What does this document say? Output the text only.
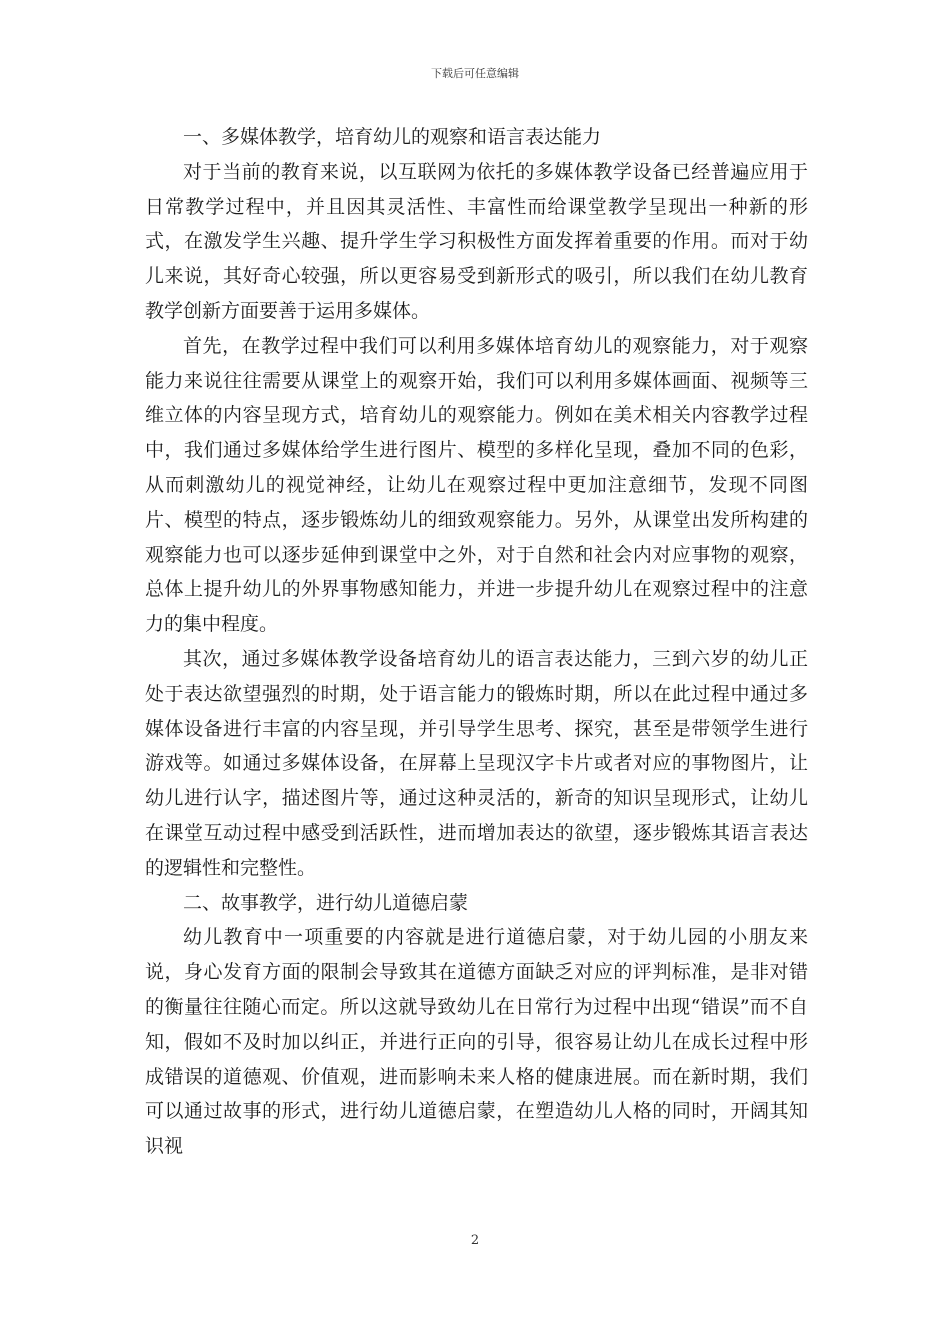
下载后可任意编辑

一、多媒体教学，培育幼儿的观察和语言表达能力

对于当前的教育来说，以互联网为依托的多媒体教学设备已经普遍应用于日常教学过程中，并且因其灵活性、丰富性而给课堂教学呈现出一种新的形式，在激发学生兴趣、提升学生学习积极性方面发挥着重要的作用。而对于幼儿来说，其好奇心较强，所以更容易受到新形式的吸引，所以我们在幼儿教育教学创新方面要善于运用多媒体。

首先，在教学过程中我们可以利用多媒体培育幼儿的观察能力，对于观察能力来说往往需要从课堂上的观察开始，我们可以利用多媒体画面、视频等三维立体的内容呈现方式，培育幼儿的观察能力。例如在美术相关内容教学过程中，我们通过多媒体给学生进行图片、模型的多样化呈现，叠加不同的色彩，从而刺激幼儿的视觉神经，让幼儿在观察过程中更加注意细节，发现不同图片、模型的特点，逐步锻炼幼儿的细致观察能力。另外，从课堂出发所构建的观察能力也可以逐步延伸到课堂中之外，对于自然和社会内对应事物的观察，总体上提升幼儿的外界事物感知能力，并进一步提升幼儿在观察过程中的注意力的集中程度。

其次，通过多媒体教学设备培育幼儿的语言表达能力，三到六岁的幼儿正处于表达欲望强烈的时期，处于语言能力的锻炼时期，所以在此过程中通过多媒体设备进行丰富的内容呈现，并引导学生思考、探究，甚至是带领学生进行游戏等。如通过多媒体设备，在屏幕上呈现汉字卡片或者对应的事物图片，让幼儿进行认字，描述图片等，通过这种灵活的，新奇的知识呈现形式，让幼儿在课堂互动过程中感受到活跃性，进而增加表达的欲望，逐步锻炼其语言表达的逻辑性和完整性。

二、故事教学，进行幼儿道德启蒙

幼儿教育中一项重要的内容就是进行道德启蒙，对于幼儿园的小朋友来说，身心发育方面的限制会导致其在道德方面缺乏对应的评判标准，是非对错的衡量往往随心而定。所以这就导致幼儿在日常行为过程中出现“错误”而不自知，假如不及时加以纠正，并进行正向的引导，很容易让幼儿在成长过程中形成错误的道德观、价值观，进而影响未来人格的健康进展。而在新时期，我们可以通过故事的形式，进行幼儿道德启蒙，在塑造幼儿人格的同时，开阔其知识视

2
